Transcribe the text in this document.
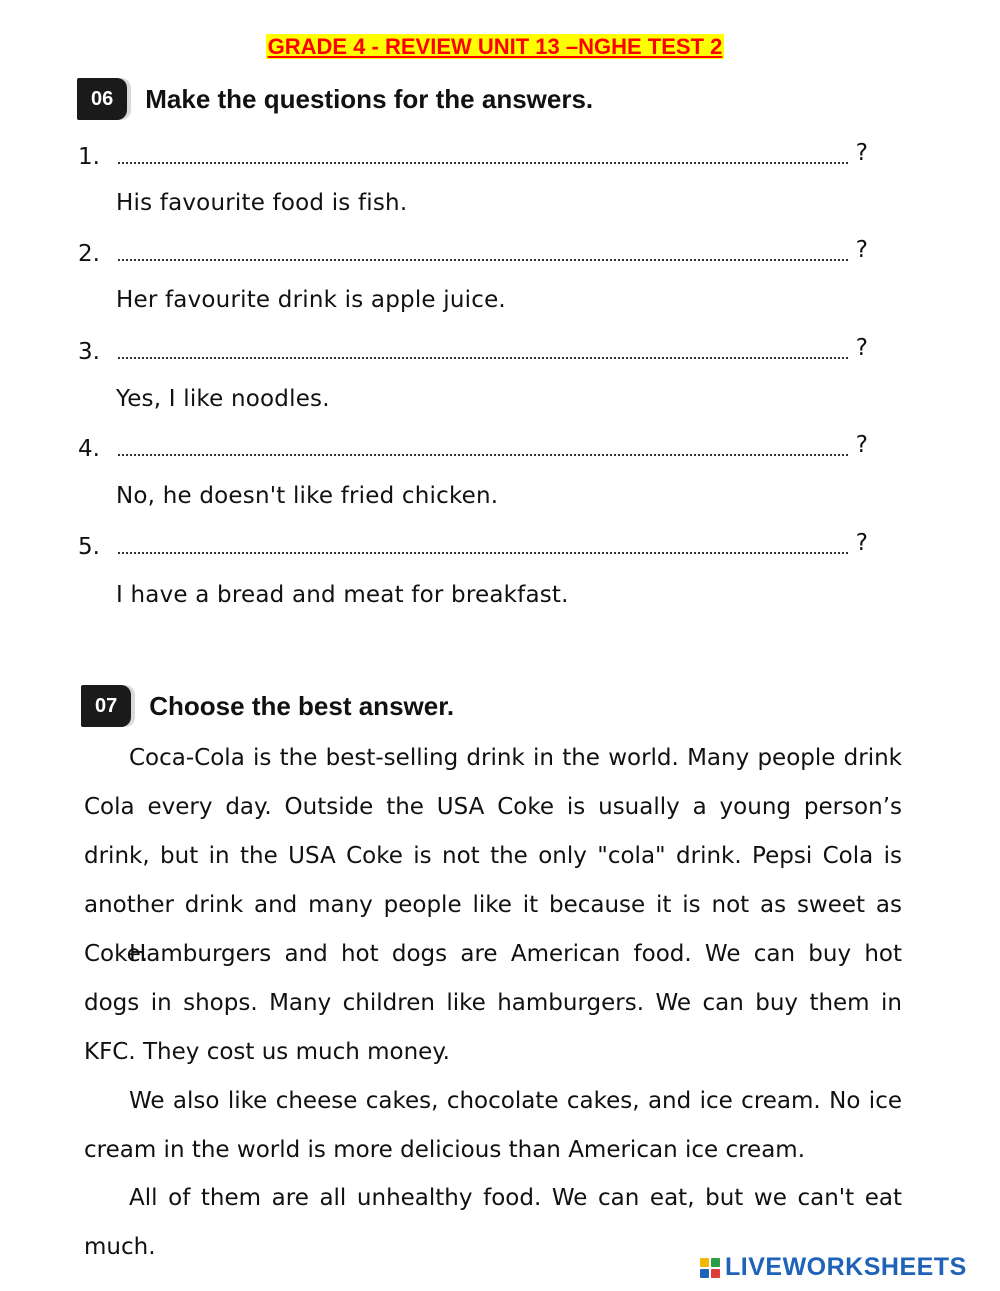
GRADE 4 - REVIEW UNIT 13 –NGHE TEST 2
06	Make the questions for the answers.
1.	?
His favourite food is fish.
2.	?
Her favourite drink is apple juice.
3.	?
Yes, I like noodles.
4.	?
No, he doesn't like fried chicken.
5.	?
I have a bread and meat for breakfast.
07	Choose the best answer.

Coca-Cola is the best-selling drink in the world. Many people drink Cola every day. Outside the USA Coke is usually a young person’s drink, but in the USA Coke is not the only "cola" drink. Pepsi Cola is another drink and many people like it because it is not as sweet as Coke.

Hamburgers and hot dogs are American food. We can buy hot dogs in shops. Many children like hamburgers. We can buy them in KFC. They cost us much money.

We also like cheese cakes, chocolate cakes, and ice cream. No ice cream in the world is more delicious than American ice cream.

All of them are all unhealthy food. We can eat, but we can't eat much.

LIVEWORKSHEETS
